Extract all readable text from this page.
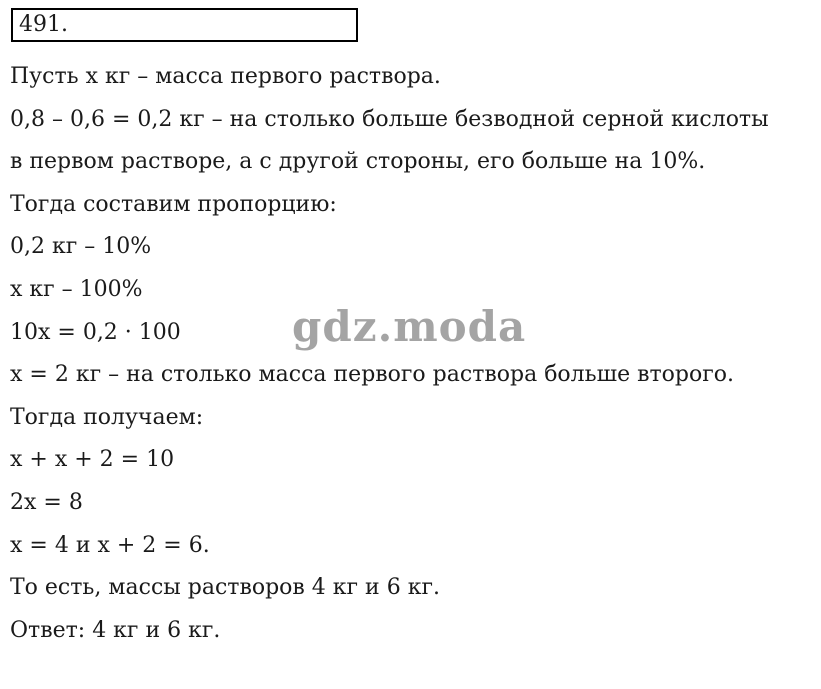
491.
Пусть x кг – масса первого раствора.
0,8 – 0,6 = 0,2 кг – на столько больше безводной серной кислоты
в первом растворе, а с другой стороны, его больше на 10%.
Тогда составим пропорцию:
0,2 кг – 10%
x кг – 100%
10x = 0,2 · 100
x = 2 кг – на столько масса первого раствора больше второго.
Тогда получаем:
x + x + 2 = 10
2x = 8
x = 4 и x + 2 = 6.
То есть, массы растворов 4 кг и 6 кг.
Ответ: 4 кг и 6 кг.
gdz.moda
